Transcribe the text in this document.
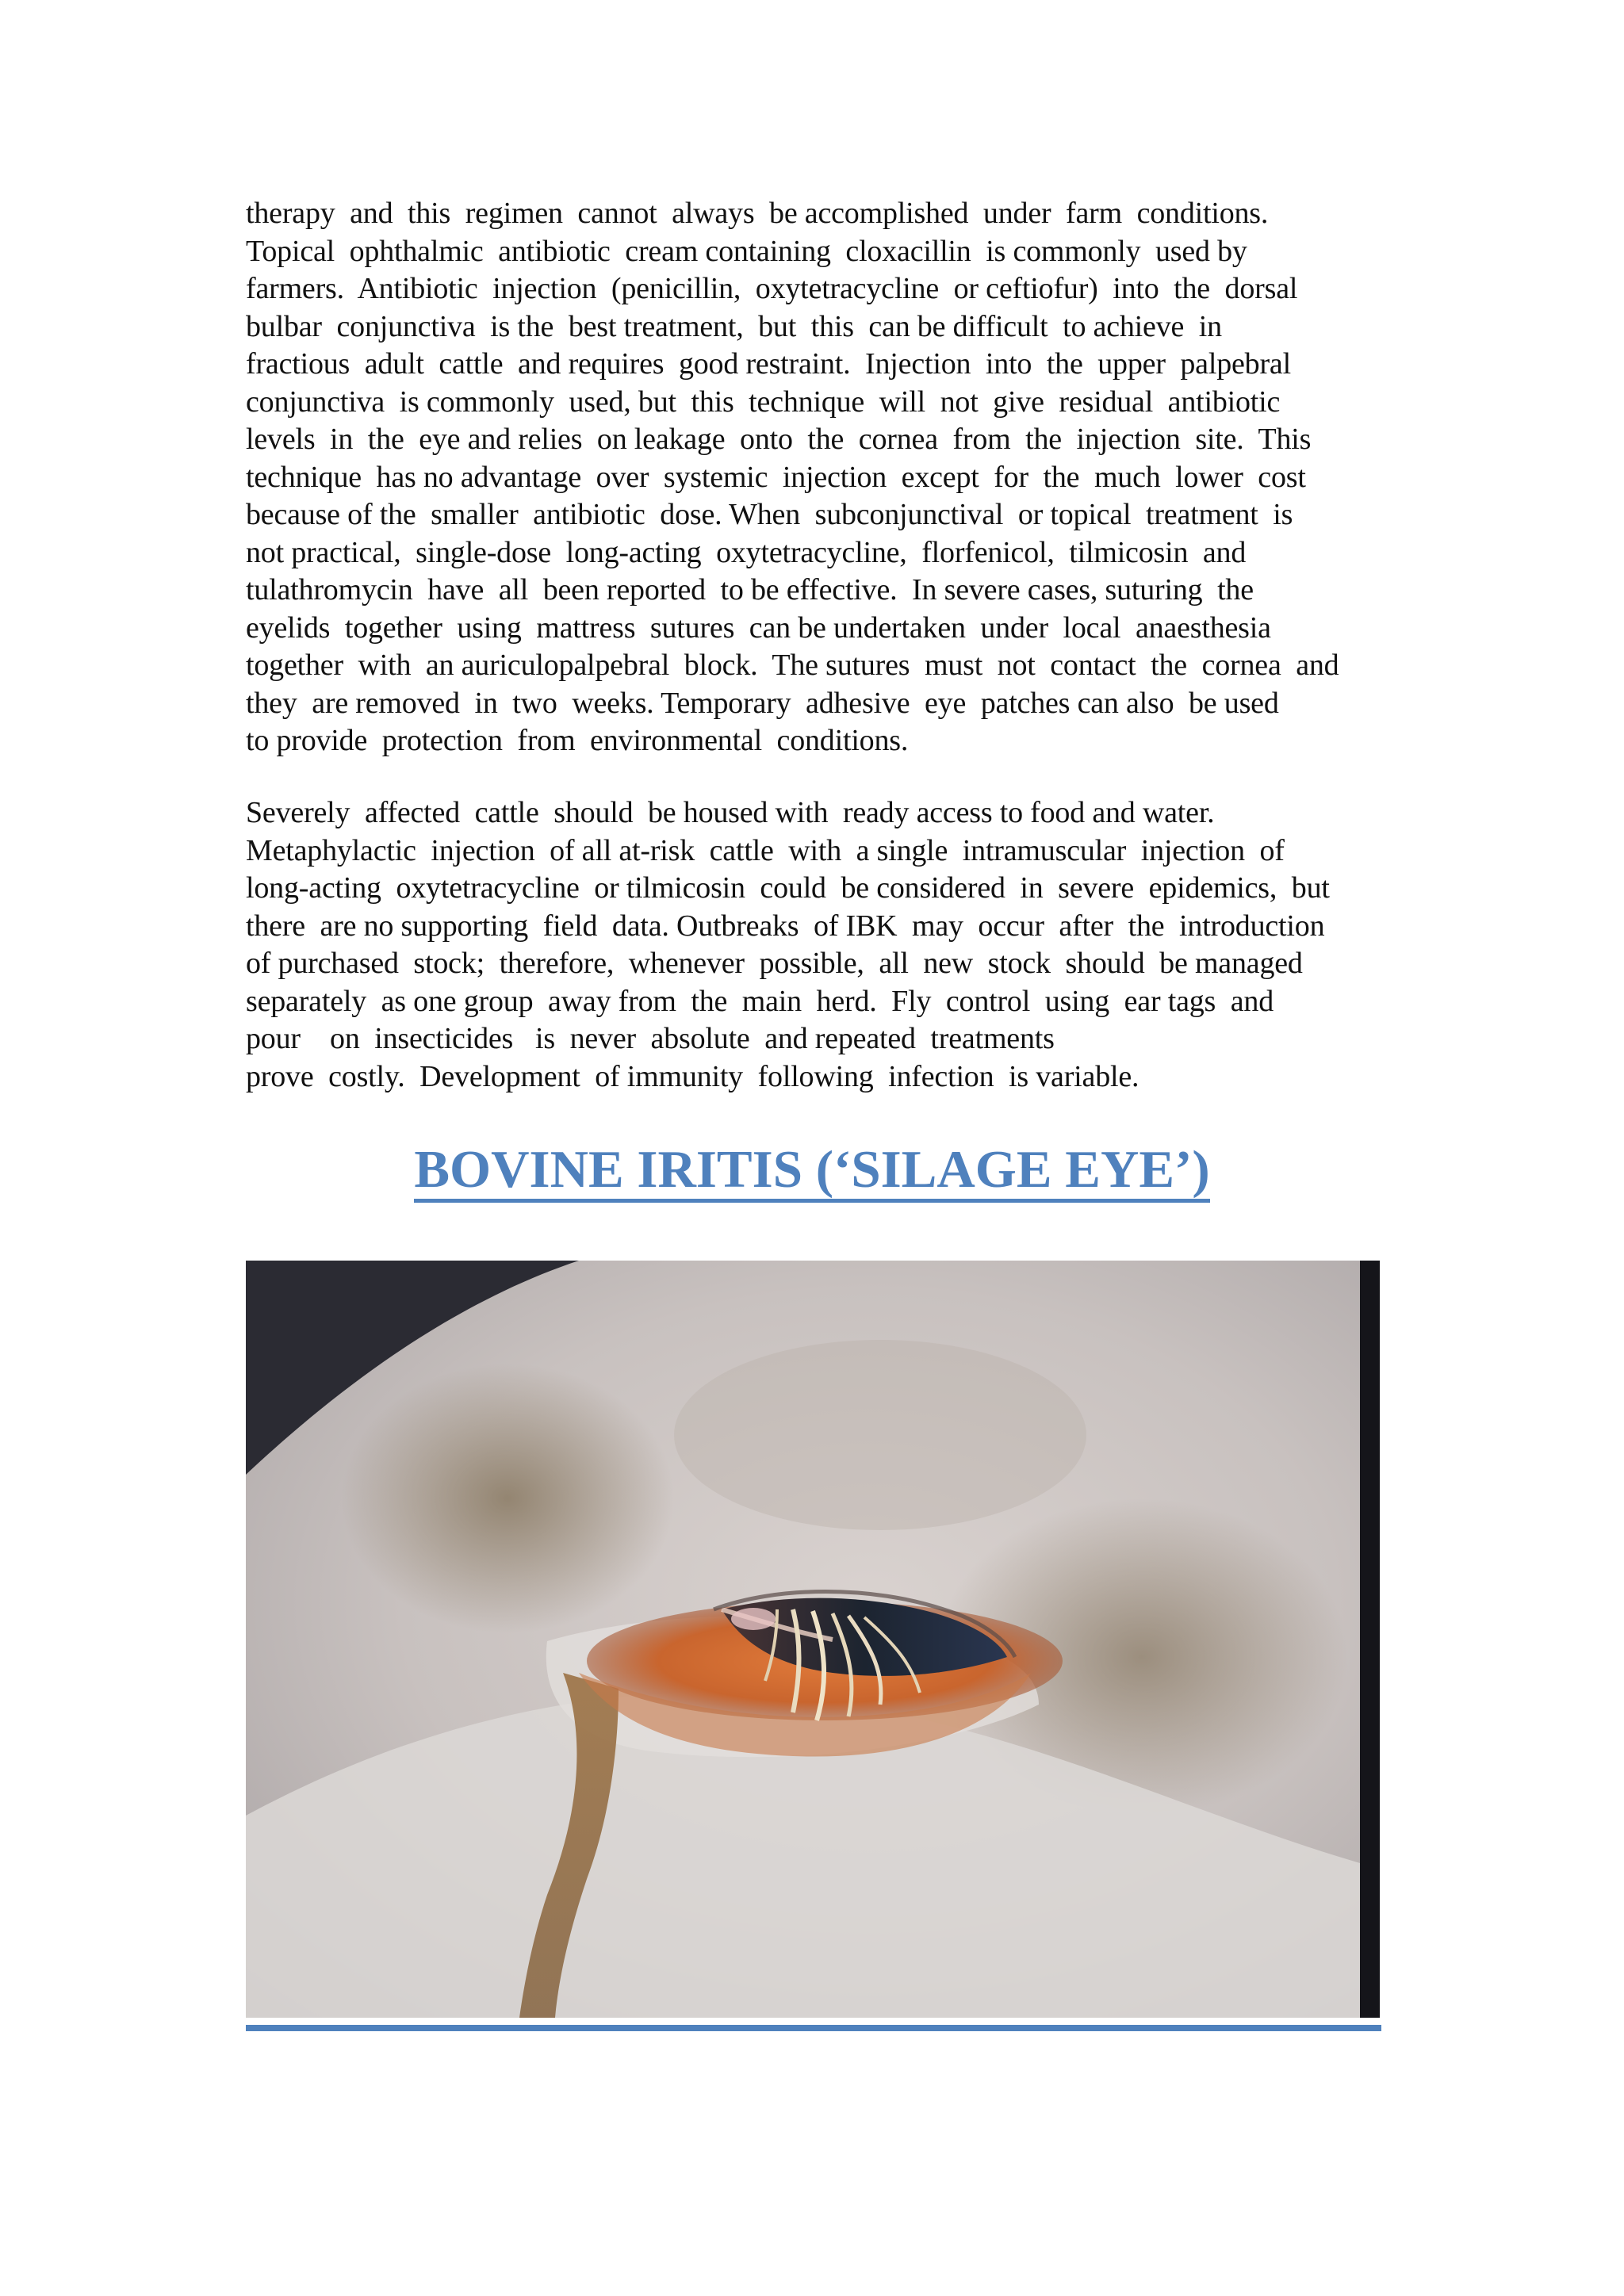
therapy  and  this  regimen  cannot  always  be accomplished  under  farm  conditions.
Topical  ophthalmic  antibiotic  cream containing  cloxacillin  is commonly  used by
farmers.  Antibiotic  injection  (penicillin,  oxytetracycline  or ceftiofur)  into  the  dorsal
bulbar  conjunctiva  is the  best treatment,  but  this  can be difficult  to achieve  in
fractious  adult  cattle  and requires  good restraint.  Injection  into  the  upper  palpebral
conjunctiva  is commonly  used, but  this  technique  will  not  give  residual  antibiotic
levels  in  the  eye and relies  on leakage  onto  the  cornea  from  the  injection  site.  This
technique  has no advantage  over  systemic  injection  except  for  the  much  lower  cost
because of the  smaller  antibiotic  dose. When  subconjunctival  or topical  treatment  is
not practical,  single-dose  long-acting  oxytetracycline,  florfenicol,  tilmicosin  and
tulathromycin  have  all  been reported  to be effective.  In severe cases, suturing  the
eyelids  together  using  mattress  sutures  can be undertaken  under  local  anaesthesia
together  with  an auriculopalpebral  block.  The sutures  must  not  contact  the  cornea  and
they  are removed  in  two  weeks. Temporary  adhesive  eye  patches can also  be used
to provide  protection  from  environmental  conditions.
Severely  affected  cattle  should  be housed with  ready access to food and water.
Metaphylactic  injection  of all at-risk  cattle  with  a single  intramuscular  injection  of
long-acting  oxytetracycline  or tilmicosin  could  be considered  in  severe  epidemics,  but
there  are no supporting  field  data. Outbreaks  of IBK  may  occur  after  the  introduction
of purchased  stock;  therefore,  whenever  possible,  all  new  stock  should  be managed
separately  as one group  away from  the  main  herd.  Fly  control  using  ear tags  and
pour    on  insecticides   is  never  absolute  and repeated  treatments
prove  costly.  Development  of immunity  following  infection  is variable.
BOVINE IRITIS (‘SILAGE EYE’)
